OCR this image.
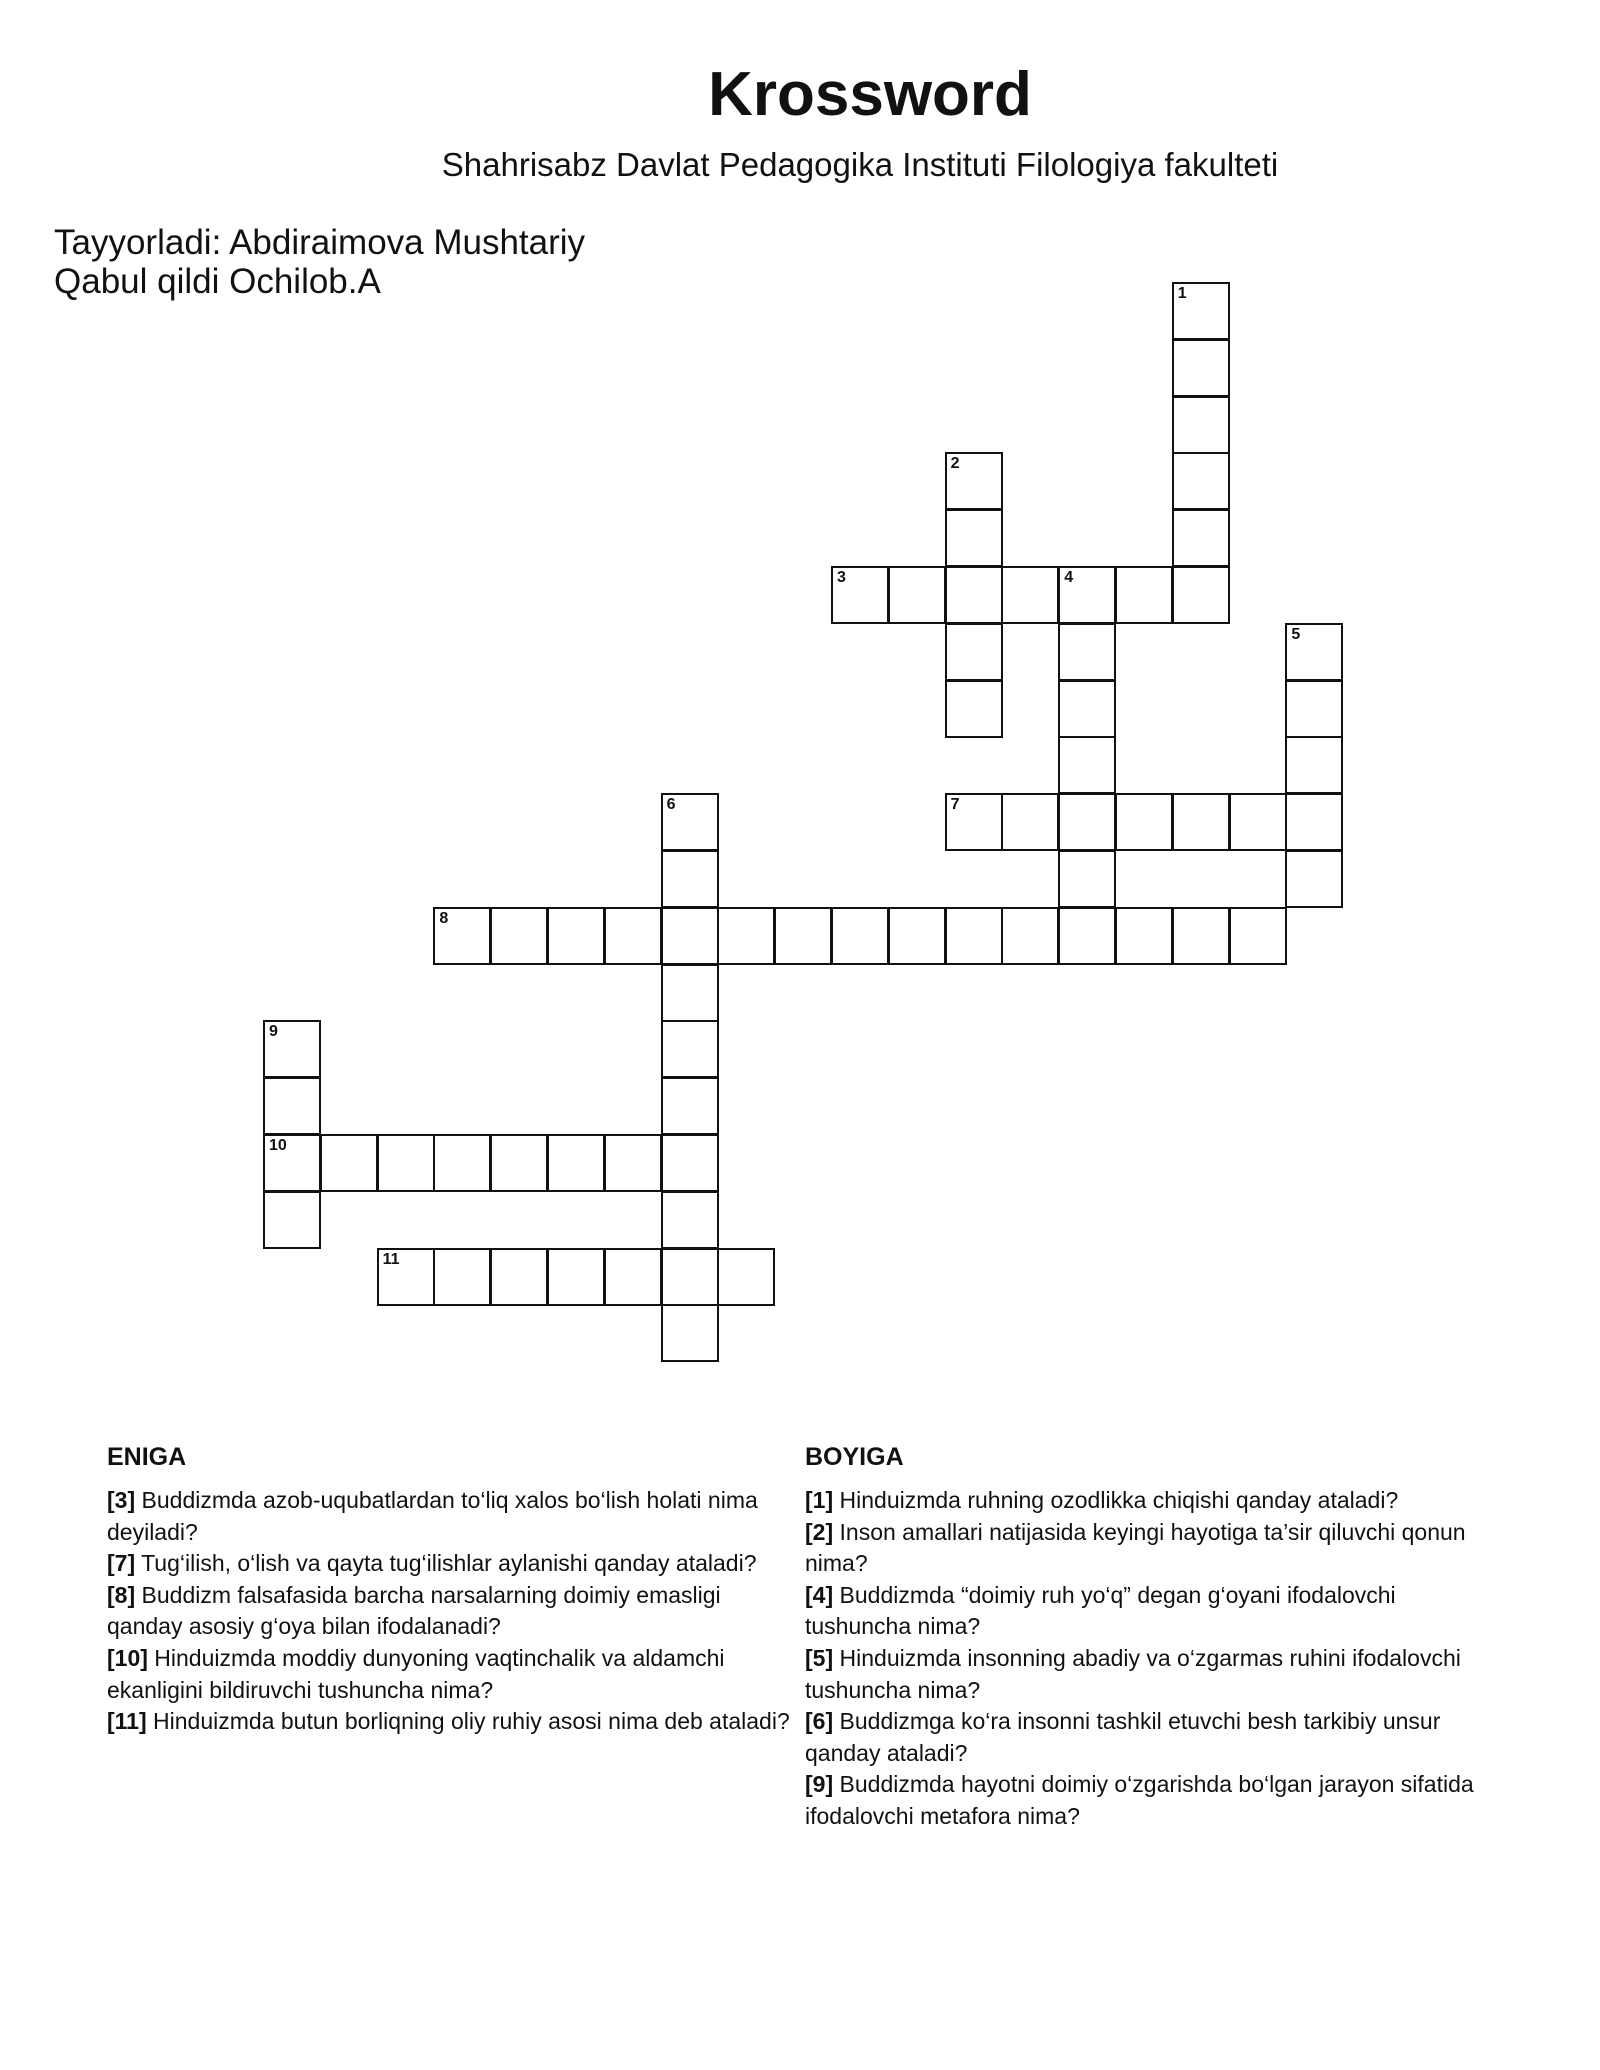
Krossword
Shahrisabz Davlat Pedagogika Instituti Filologiya fakulteti
Tayyorladi: Abdiraimova Mushtariy
Qabul qildi Ochilob.A	1
2
3	4
5
6	7
8
9
10
11
ENIGA
[3] Buddizmda azob-uqubatlardan to‘liq xalos bo‘lish holati nima deyiladi?
[7] Tug‘ilish, o‘lish va qayta tug‘ilishlar aylanishi qanday ataladi?
[8] Buddizm falsafasida barcha narsalarning doimiy emasligi qanday asosiy g‘oya bilan ifodalanadi?
[10] Hinduizmda moddiy dunyoning vaqtinchalik va aldamchi ekanligini bildiruvchi tushuncha nima?
[11] Hinduizmda butun borliqning oliy ruhiy asosi nima deb ataladi?
BOYIGA
[1] Hinduizmda ruhning ozodlikka chiqishi qanday ataladi?
[2] Inson amallari natijasida keyingi hayotiga ta’sir qiluvchi qonun nima?
[4] Buddizmda “doimiy ruh yo‘q” degan g‘oyani ifodalovchi tushuncha nima?
[5] Hinduizmda insonning abadiy va o‘zgarmas ruhini ifodalovchi tushuncha nima?
[6] Buddizmga ko‘ra insonni tashkil etuvchi besh tarkibiy unsur qanday ataladi?
[9] Buddizmda hayotni doimiy o‘zgarishda bo‘lgan jarayon sifatida ifodalovchi metafora nima?
